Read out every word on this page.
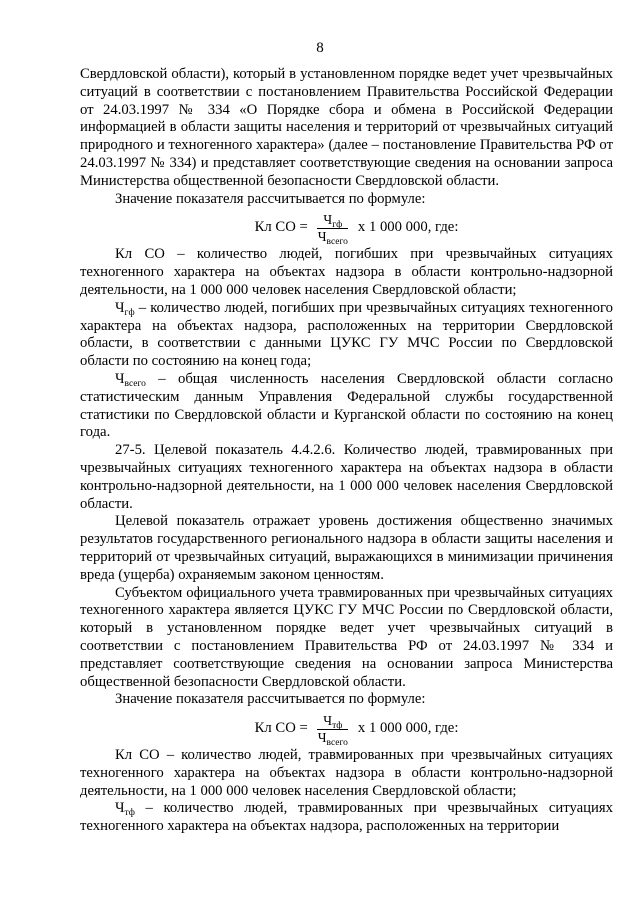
8

Свердловской области), который в установленном порядке ведет учет чрезвычайных ситуаций в соответствии с постановлением Правительства Российской Федерации от 24.03.1997 № 334 «О Порядке сбора и обмена в Российской Федерации информацией в области защиты населения и территорий от чрезвычайных ситуаций природного и техногенного характера» (далее – постановление Правительства РФ от 24.03.1997 № 334) и представляет соответствующие сведения на основании запроса Министерства общественной безопасности Свердловской области.

Значение показателя рассчитывается по формуле:

Кл СО = $\frac{Ч_{гф}}{Ч_{всего}}$ х 1 000 000, где:

Кл СО – количество людей, погибших при чрезвычайных ситуациях техногенного характера на объектах надзора в области контрольно-надзорной деятельности, на 1 000 000 человек населения Свердловской области;

$Ч_{гф}$ – количество людей, погибших при чрезвычайных ситуациях техногенного характера на объектах надзора, расположенных на территории Свердловской области, в соответствии с данными ЦУКС ГУ МЧС России по Свердловской области по состоянию на конец года;

$Ч_{всего}$ – общая численность населения Свердловской области согласно статистическим данным Управления Федеральной службы государственной статистики по Свердловской области и Курганской области по состоянию на конец года.

27-5. Целевой показатель 4.4.2.6. Количество людей, травмированных при чрезвычайных ситуациях техногенного характера на объектах надзора в области контрольно-надзорной деятельности, на 1 000 000 человек населения Свердловской области.

Целевой показатель отражает уровень достижения общественно значимых результатов государственного регионального надзора в области защиты населения и территорий от чрезвычайных ситуаций, выражающихся в минимизации причинения вреда (ущерба) охраняемым законом ценностям.

Субъектом официального учета травмированных при чрезвычайных ситуациях техногенного характера является ЦУКС ГУ МЧС России по Свердловской области, который в установленном порядке ведет учет чрезвычайных ситуаций в соответствии с постановлением Правительства РФ от 24.03.1997 № 334 и представляет соответствующие сведения на основании запроса Министерства общественной безопасности Свердловской области.

Значение показателя рассчитывается по формуле:

Кл СО = $\frac{Ч_{тф}}{Ч_{всего}}$ х 1 000 000, где:

Кл СО – количество людей, травмированных при чрезвычайных ситуациях техногенного характера на объектах надзора в области контрольно-надзорной деятельности, на 1 000 000 человек населения Свердловской области;

$Ч_{тф}$ – количество людей, травмированных при чрезвычайных ситуациях техногенного характера на объектах надзора, расположенных на территории
